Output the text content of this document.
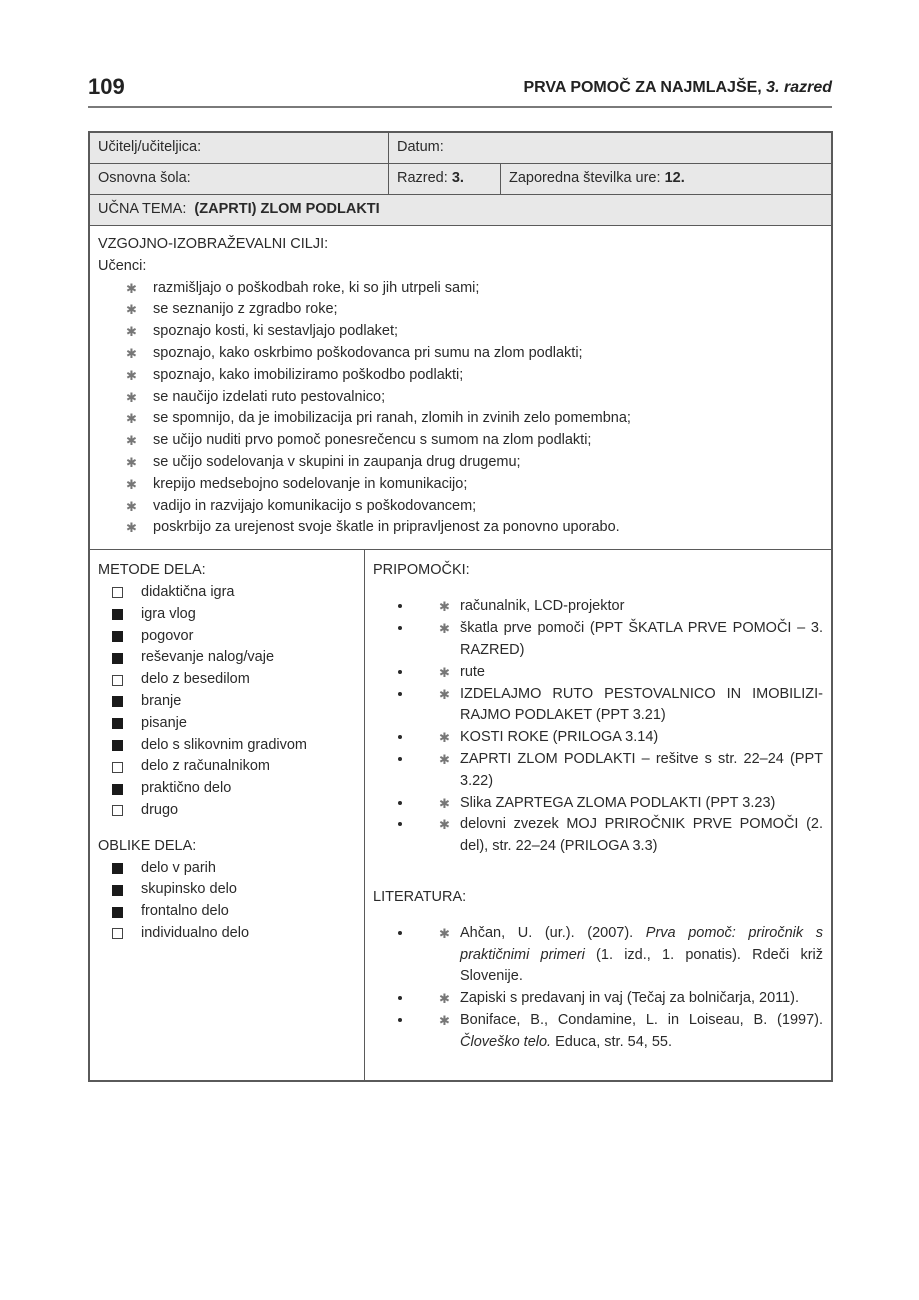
109	PRVA POMOČ ZA NAJMLAJŠE, 3. razred
Učitelj/učiteljica:	Datum:
Osnovna šola:	Razred: 3.	Zaporedna številka ure: 12.
UČNA TEMA:  (ZAPRTI) ZLOM PODLAKTI
VZGOJNO-IZOBRAŽEVALNI CILJI:
Učenci:
✱ razmišljajo o poškodbah roke, ki so jih utrpeli sami;
✱ se seznanijo z zgradbo roke;
✱ spoznajo kosti, ki sestavljajo podlaket;
✱ spoznajo, kako oskrbimo poškodovanca pri sumu na zlom podlakti;
✱ spoznajo, kako imobiliziramo poškodbo podlakti;
✱ se naučijo izdelati ruto pestovalnico;
✱ se spomnijo, da je imobilizacija pri ranah, zlomih in zvinih zelo pomembna;
✱ se učijo nuditi prvo pomoč ponesrečencu s sumom na zlom podlakti;
✱ se učijo sodelovanja v skupini in zaupanja drug drugemu;
✱ krepijo medsebojno sodelovanje in komunikacijo;
✱ vadijo in razvijajo komunikacijo s poškodovancem;
✱ poskrbijo za urejenost svoje škatle in pripravljenost za ponovno uporabo.
METODE DELA:
didaktična igra
igra vlog
pogovor
reševanje nalog/vaje
delo z besedilom
branje
pisanje
delo s slikovnim gradivom
delo z računalnikom
praktično delo
drugo
OBLIKE DELA:
delo v parih
skupinsko delo
frontalno delo
individualno delo
PRIPOMOČKI:
• ✱ računalnik, LCD-projektor
• ✱ škatla prve pomoči (PPT ŠKATLA PRVE POMOČI – 3. RAZRED)
• ✱ rute
• ✱ IZDELAJMO RUTO PESTOVALNICO IN IMOBILIZI-RAJMO PODLAKET (PPT 3.21)
• ✱ KOSTI ROKE (PRILOGA 3.14)
• ✱ ZAPRTI ZLOM PODLAKTI – rešitve s str. 22–24 (PPT 3.22)
• ✱ Slika ZAPRTEGA ZLOMA PODLAKTI (PPT 3.23)
• ✱ delovni zvezek MOJ PRIROČNIK PRVE POMOČI (2. del), str. 22–24 (PRILOGA 3.3)
LITERATURA:
• ✱ Ahčan, U. (ur.). (2007). Prva pomoč: priročnik s praktičnimi primeri (1. izd., 1. ponatis). Rdeči križ Slovenije.
• ✱ Zapiski s predavanj in vaj (Tečaj za bolničarja, 2011).
• ✱ Boniface, B., Condamine, L. in Loiseau, B. (1997). Človeško telo. Educa, str. 54, 55.
